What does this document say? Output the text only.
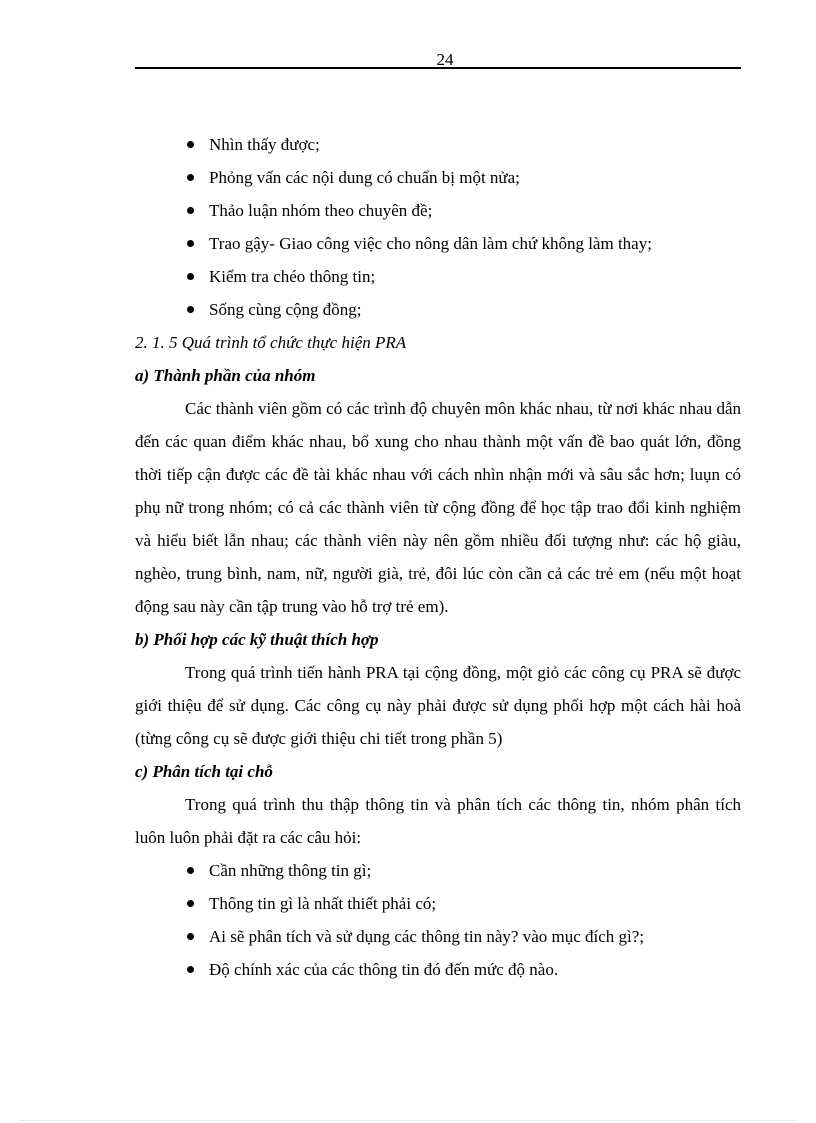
24
Nhìn thấy được;
Phỏng vấn các nội dung có chuẩn bị một nửa;
Thảo luận nhóm theo chuyên đề;
Trao gậy- Giao công việc cho nông dân làm chứ không làm thay;
Kiểm tra chéo thông tin;
Sống cùng cộng đồng;
2. 1. 5 Quá trình tổ chức thực hiện PRA
a) Thành phần của nhóm

Các thành viên gồm có các trình độ chuyên môn khác nhau, từ nơi khác nhau dẫn đến các quan điểm khác nhau, bổ xung cho nhau thành một vấn đề bao quát lớn, đồng thời tiếp cận được các đề tài khác nhau với cách nhìn nhận mới và sâu sắc hơn; luụn có phụ nữ trong nhóm; có cả các thành viên từ cộng đồng để học tập trao đổi kinh nghiệm và hiểu biết lẫn nhau; các thành viên này nên gồm nhiều đối tượng như: các hộ giàu, nghèo, trung bình, nam, nữ, người già, trẻ, đôi lúc còn cần cả các trẻ em (nếu một hoạt động sau này cần tập trung vào hỗ trợ trẻ em).

b) Phối hợp các kỹ thuật thích hợp

Trong quá trình tiến hành PRA tại cộng đồng, một giỏ các công cụ PRA sẽ được giới thiệu để sử dụng. Các công cụ này phải được sử dụng phối hợp một cách hài hoà (từng công cụ sẽ được giới thiệu chi tiết trong phần 5)

c) Phân tích tại chỗ

Trong quá trình thu thập thông tin và phân tích các thông tin, nhóm phân tích luôn luôn phải đặt ra các câu hỏi:

Cần những thông tin gì;
Thông tin gì là nhất thiết phải có;
Ai sẽ phân tích và sử dụng các thông tin này? vào mục đích gì?;
Độ chính xác của các thông tin đó đến mức độ nào.
